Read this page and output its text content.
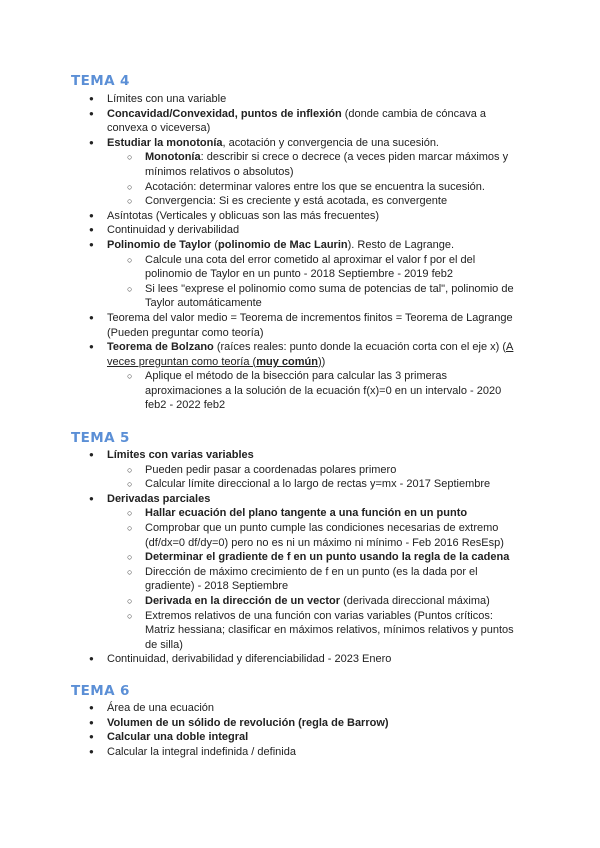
TEMA 4
● Límites con una variable
● Concavidad/Convexidad, puntos de inflexión (donde cambia de cóncava a convexa o viceversa)
● Estudiar la monotonía, acotación y convergencia de una sucesión.
○ Monotonía: describir si crece o decrece (a veces piden marcar máximos y mínimos relativos o absolutos)
○ Acotación: determinar valores entre los que se encuentra la sucesión.
○ Convergencia: Si es creciente y está acotada, es convergente
● Asíntotas (Verticales y oblicuas son las más frecuentes)
● Continuidad y derivabilidad
● Polinomio de Taylor (polinomio de Mac Laurin). Resto de Lagrange.
○ Calcule una cota del error cometido al aproximar el valor f por el del polinomio de Taylor en un punto - 2018 Septiembre - 2019 feb2
○ Si lees "exprese el polinomio como suma de potencias de tal", polinomio de Taylor automáticamente
● Teorema del valor medio = Teorema de incrementos finitos = Teorema de Lagrange (Pueden preguntar como teoría)
● Teorema de Bolzano (raíces reales: punto donde la ecuación corta con el eje x) (A veces preguntan como teoría (muy común))
○ Aplique el método de la bisección para calcular las 3 primeras aproximaciones a la solución de la ecuación f(x)=0 en un intervalo - 2020 feb2 - 2022 feb2
TEMA 5
● Límites con varias variables
○ Pueden pedir pasar a coordenadas polares primero
○ Calcular límite direccional a lo largo de rectas y=mx - 2017 Septiembre
● Derivadas parciales
○ Hallar ecuación del plano tangente a una función en un punto
○ Comprobar que un punto cumple las condiciones necesarias de extremo (df/dx=0 df/dy=0) pero no es ni un máximo ni mínimo - Feb 2016 ResEsp)
○ Determinar el gradiente de f en un punto usando la regla de la cadena
○ Dirección de máximo crecimiento de f en un punto (es la dada por el gradiente) - 2018 Septiembre
○ Derivada en la dirección de un vector (derivada direccional máxima)
○ Extremos relativos de una función con varias variables (Puntos críticos: Matriz hessiana; clasificar en máximos relativos, mínimos relativos y puntos de silla)
● Continuidad, derivabilidad y diferenciabilidad - 2023 Enero
TEMA 6
● Área de una ecuación
● Volumen de un sólido de revolución (regla de Barrow)
● Calcular una doble integral
● Calcular la integral indefinida / definida
